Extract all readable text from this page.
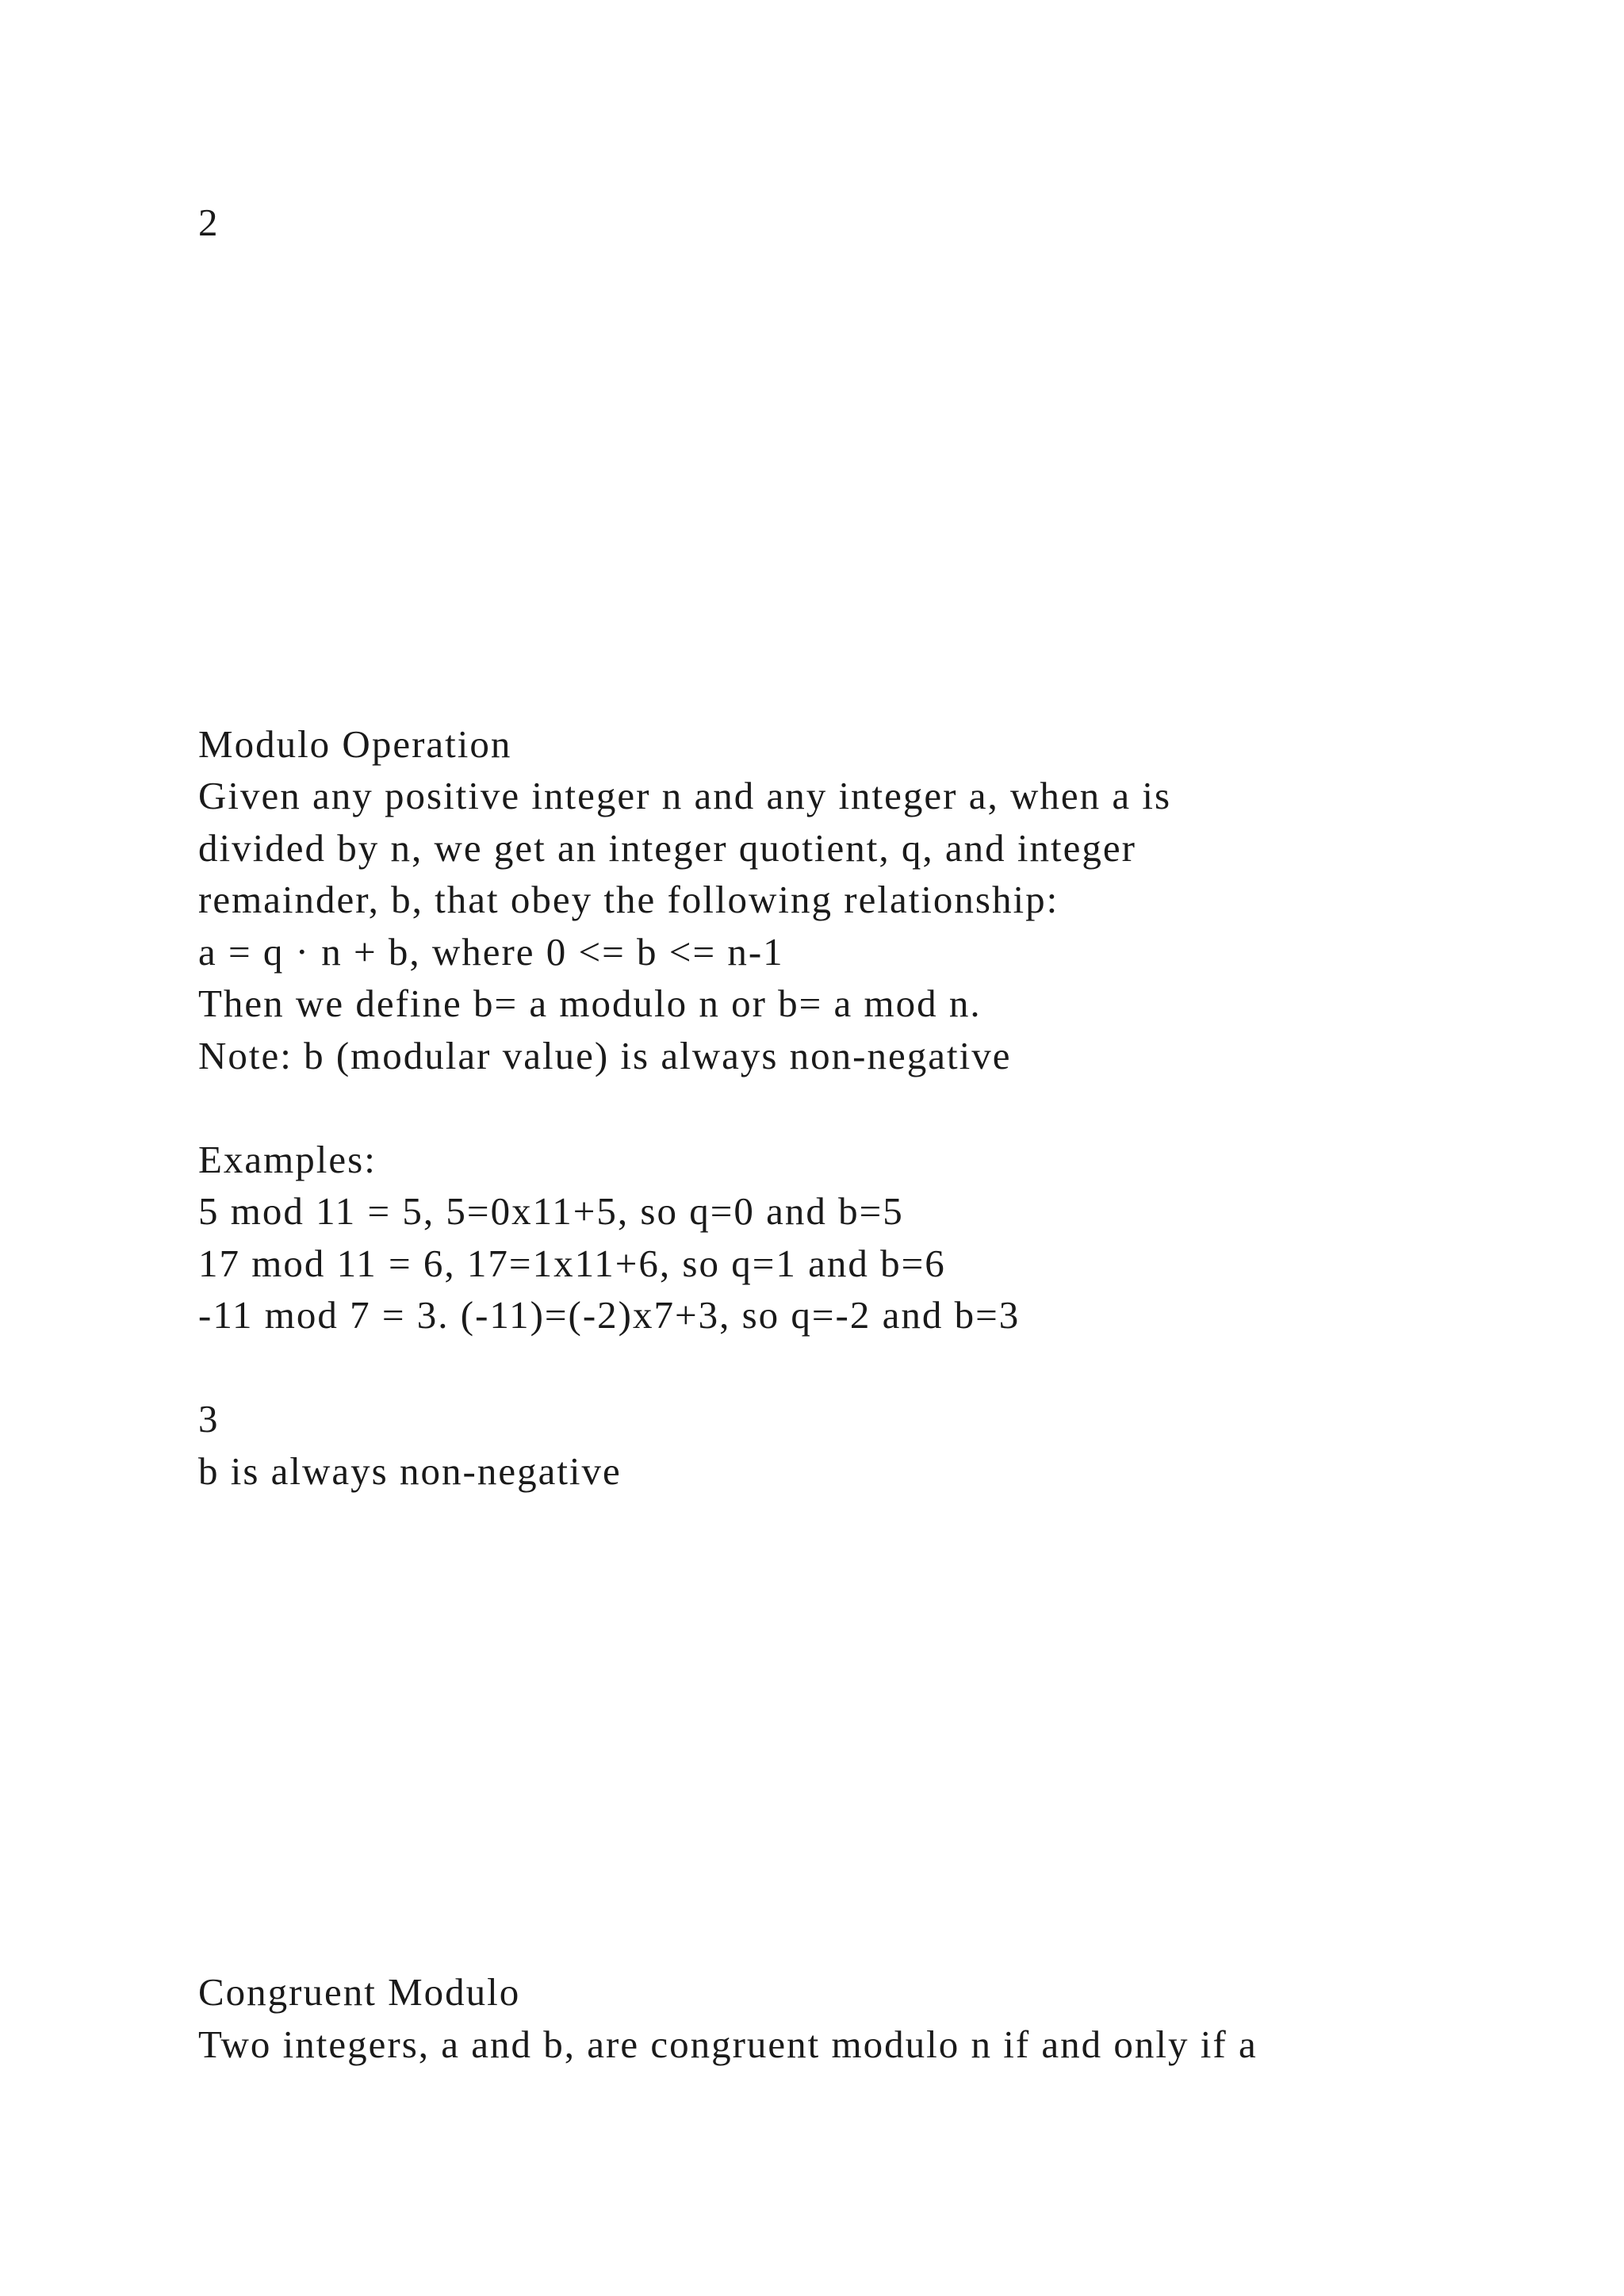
2

Modulo Operation

Given any positive integer n and any integer a, when a is

divided by n, we get an integer quotient, q, and integer

remainder, b, that obey the following relationship:

a = q · n + b, where 0 <= b <= n-1

Then we define b= a modulo n or b= a mod n.

Note: b (modular value) is always non-negative

Examples:

5 mod 11 = 5, 5=0x11+5, so q=0 and b=5

17 mod 11 = 6, 17=1x11+6, so q=1 and b=6

-11 mod 7 = 3. (-11)=(-2)x7+3, so q=-2 and b=3

3

b is always non-negative

Congruent Modulo

Two integers, a and b, are congruent modulo n if and only if a
